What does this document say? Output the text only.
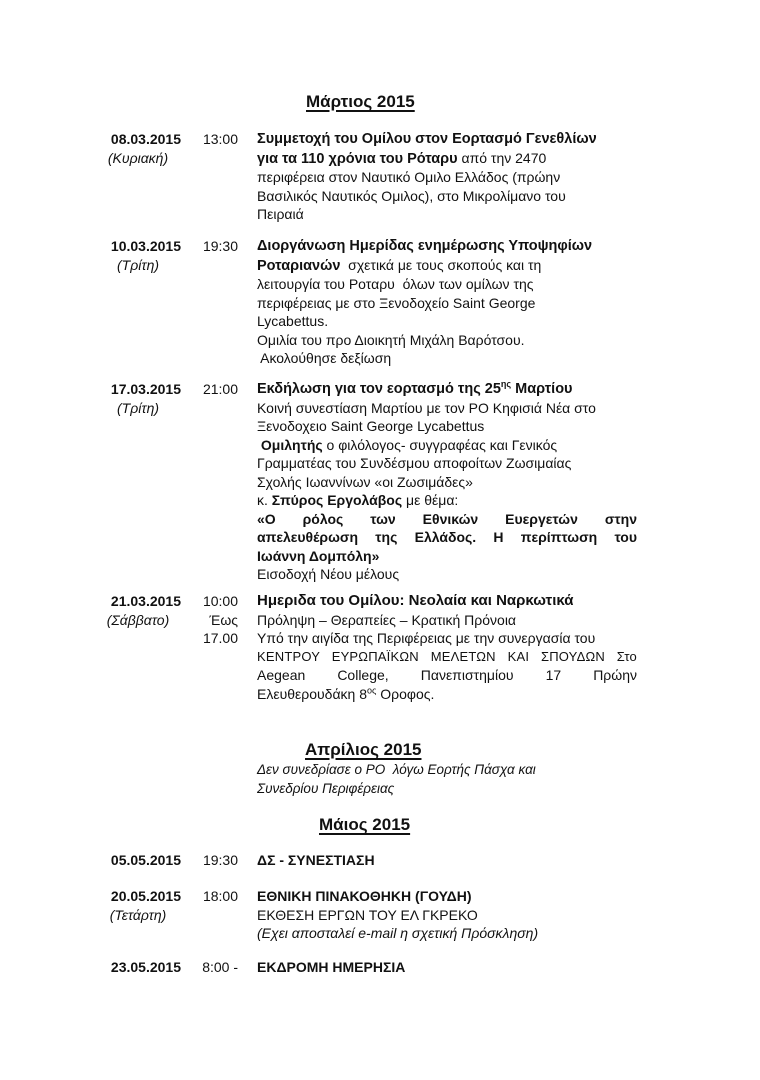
Μάρτιος 2015
08.03.2015
(Κυριακή)
13:00 Συμμετοχή του Ομίλου στον Εορτασμό Γενεθλίων
για τα 110 χρόνια του Ρόταρυ από την 2470
περιφέρεια στον Ναυτικό Ομιλο Ελλάδος (πρώην
Βασιλικός Ναυτικός Ομιλος), στο Μικρολίμανο του
Πειραιά
10.03.2015
(Τρίτη)
19:30 Διοργάνωση Ημερίδας ενημέρωσης Υποψηφίων
Ροταριανών  σχετικά με τους σκοπούς και τη
λειτουργία του Ροταρυ  όλων των ομίλων της
περιφέρειας με στο Ξενοδοχείο Saint George
Lycabettus.
Ομιλία του προ Διοικητή Μιχάλη Βαρότσου.
Ακολούθησε δεξίωση
17.03.2015
(Τρίτη)
21:00 Εκδήλωση για τον εορτασμό της $25^{\eta\varsigma}$ Μαρτίου
Κοινή συνεστίαση Μαρτίου με τον ΡΟ Κηφισιά Νέα στο
Ξενοδοχειο Saint George Lycabettus
Ομιλητής ο φιλόλογος- συγγραφέας και Γενικός
Γραμματέας του Συνδέσμου αποφοίτων Ζωσιμαίας
Σχολής Ιωαννίνων «οι Ζωσιμάδες»
κ. Σπύρος Εργολάβος με θέμα:
«Ο ρόλος των Εθνικών Ευεργετών στην
απελευθέρωση της Ελλάδος. Η περίπτωση του
Ιωάννη Δομπόλη»
Εισοδοχή Νέου μέλους
21.03.2015
(Σάββατο)
10:00
Έως
17.00
Ημεριδα του Ομίλου: Νεολαία και Ναρκωτικά
Πρόληψη – Θεραπείες – Κρατική Πρόνοια
Υπό την αιγίδα της Περιφέρειας με την συνεργασία του
ΚΕΝΤΡΟΥ ΕΥΡΩΠΑΪΚΩΝ ΜΕΛΕΤΩΝ ΚΑΙ ΣΠΟΥΔΩΝ Στο
Aegean College, Πανεπιστημίου 17 Πρώην
Ελευθερουδάκη $8^{o\varsigma}$ Οροφος.
Απρίλιος 2015
Δεν συνεδρίασε ο ΡΟ  λόγω Εορτής Πάσχα και
Συνεδρίου Περιφέρειας
Μάιος 2015
05.05.2015	19:30 ΔΣ - ΣΥΝΕΣΤΙΑΣΗ
20.05.2015
(Τετάρτη)
18:00 ΕΘΝΙΚΗ ΠΙΝΑΚΟΘΗΚΗ (ΓΟΥΔΗ)
ΕΚΘΕΣΗ ΕΡΓΩΝ ΤΟΥ ΕΛ ΓΚΡΕΚΟ
(Εχει αποσταλεί e-mail η σχετική Πρόσκληση)
23.05.2015	8:00 - ΕΚΔΡΟΜΗ ΗΜΕΡΗΣΙΑ
